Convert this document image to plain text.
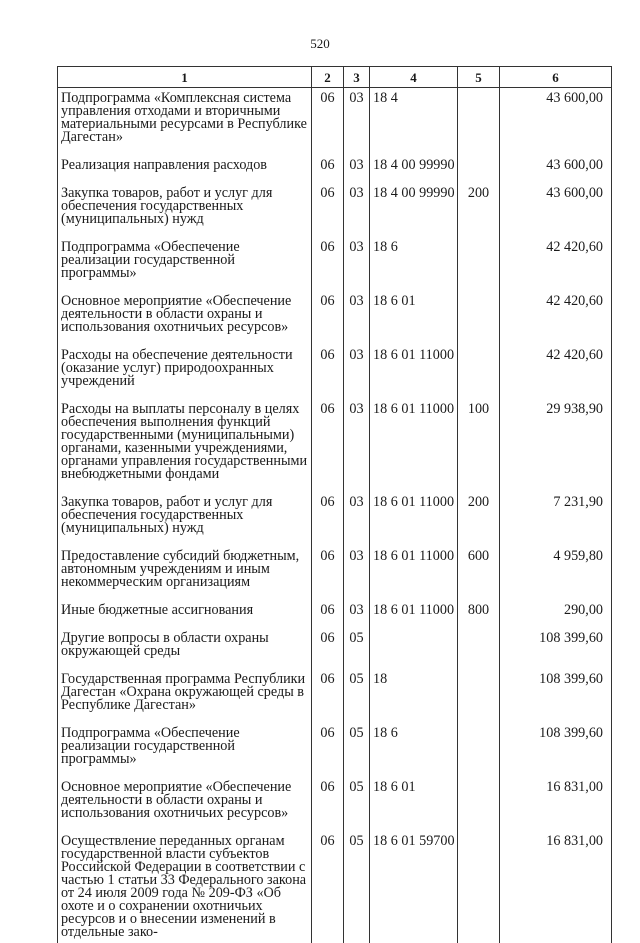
520
1	2	3	4	5	6
Подпрограмма «Комплексная система управления отходами и вторичными материальными ресурсами в Республике Дагестан»	06	03	18 4		43 600,00
Реализация направления расходов	06	03	18 4 00 99990		43 600,00
Закупка товаров, работ и услуг для обеспечения государственных (муниципальных) нужд	06	03	18 4 00 99990	200	43 600,00
Подпрограмма «Обеспечение реализации государственной программы»	06	03	18 6		42 420,60
Основное мероприятие «Обеспечение деятельности в области охраны и использования охотничьих ресурсов»	06	03	18 6 01		42 420,60
Расходы на обеспечение деятельности (оказание услуг) природоохранных учреждений	06	03	18 6 01 11000		42 420,60
Расходы на выплаты персоналу в целях обеспечения выполнения функций государственными (муниципальными) органами, казенными учреждениями, органами управления государственными внебюджетными фондами	06	03	18 6 01 11000	100	29 938,90
Закупка товаров, работ и услуг для обеспечения государственных (муниципальных) нужд	06	03	18 6 01 11000	200	7 231,90
Предоставление субсидий бюджетным, автономным учреждениям и иным некоммерческим организациям	06	03	18 6 01 11000	600	4 959,80
Иные бюджетные ассигнования	06	03	18 6 01 11000	800	290,00
Другие вопросы в области охраны окружающей среды	06	05			108 399,60
Государственная программа Республики Дагестан «Охрана окружающей среды в Республике Дагестан»	06	05	18		108 399,60
Подпрограмма «Обеспечение реализации государственной программы»	06	05	18 6		108 399,60
Основное мероприятие «Обеспечение деятельности в области охраны и использования охотничьих ресурсов»	06	05	18 6 01		16 831,00
Осуществление переданных органам государственной власти субъектов Российской Федерации в соответствии с частью 1 статьи 33 Федерального закона от 24 июля 2009 года № 209-ФЗ «Об охоте и о сохранении охотничьих ресурсов и о внесении изменений в отдельные зако-	06	05	18 6 01 59700		16 831,00
